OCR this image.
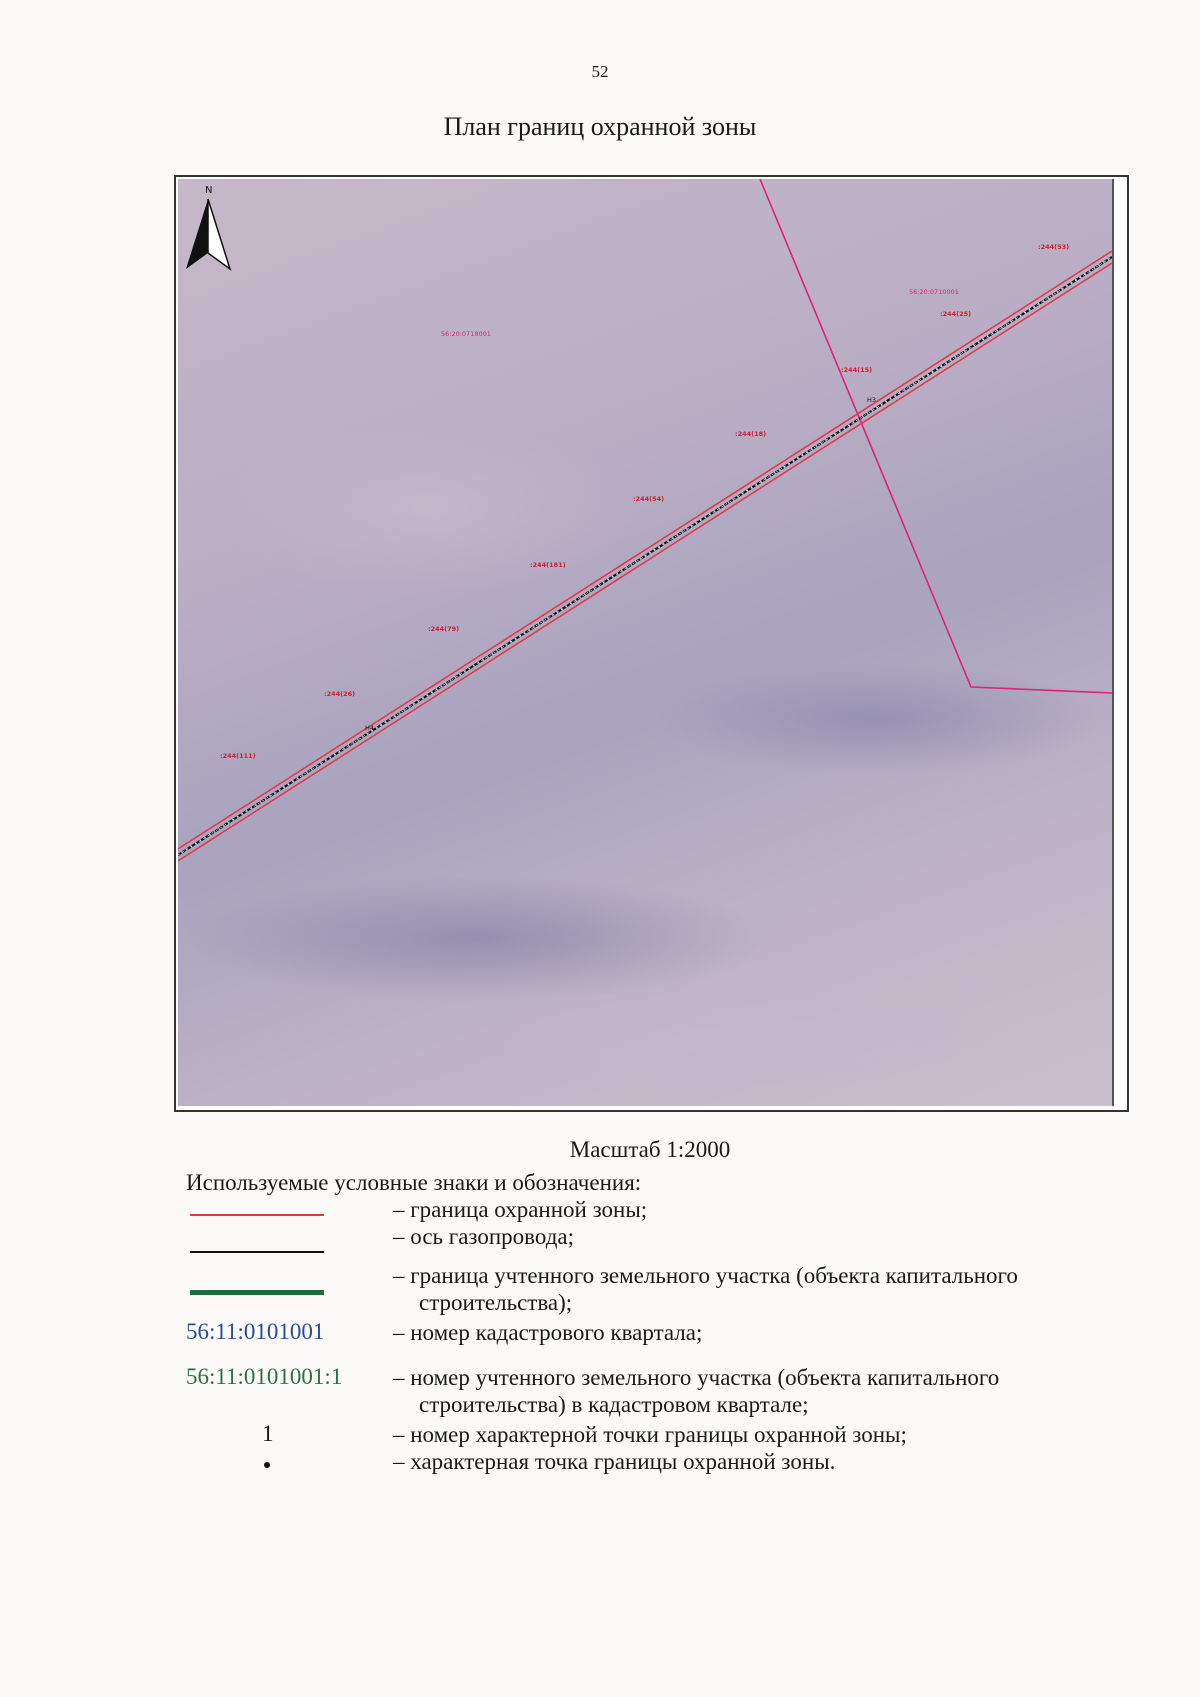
52
План границ охранной зоны
Н4
Н3
56:20:0718001
56:20:0710001
:244(111)
:244(26)
:244(79)
:244(181)
:244(54)
:244(18)
:244(15)
:244(25)
:244(53)
N
Масштаб 1:2000
Используемые условные знаки и обозначения:
– граница охранной зоны;
– ось газопровода;
– граница учтенного земельного участка (объекта капитального строительства);
56:11:0101001	– номер кадастрового квартала;
56:11:0101001:1 – номер учтенного земельного участка (объекта капитального строительства) в кадастровом квартале;
1	– номер характерной точки границы охранной зоны;
– характерная точка границы охранной зоны.
